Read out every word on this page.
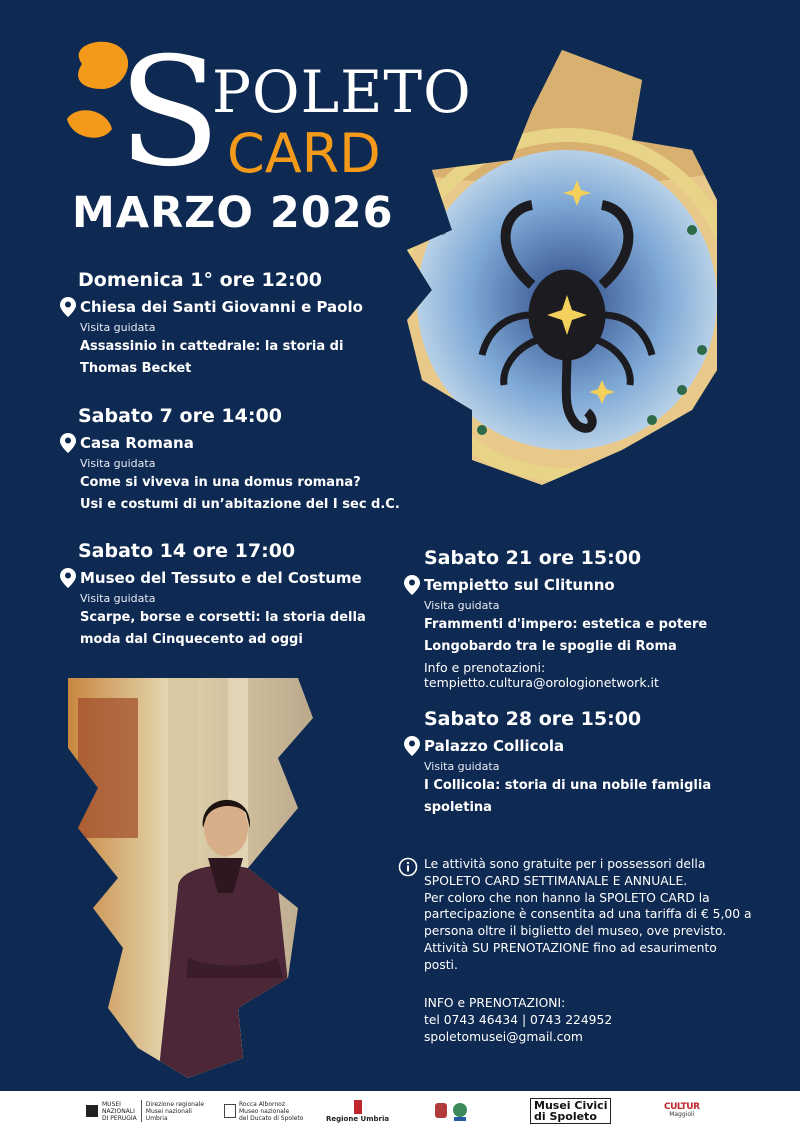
S
POLETO
CARD
MARZO 2026
Domenica 1° ore 12:00
Chiesa dei Santi Giovanni e Paolo
Visita guidata
Assassinio in cattedrale: la storia di
Thomas Becket
Sabato 7 ore 14:00
Casa Romana
Visita guidata
Come si viveva in una domus romana?
Usi e costumi di un’abitazione del I sec d.C.
Sabato 14 ore 17:00
Museo del Tessuto e del Costume
Visita guidata
Scarpe, borse e corsetti: la storia della
moda dal Cinquecento ad oggi
Sabato 21 ore 15:00
Tempietto sul Clitunno
Visita guidata
Frammenti d'impero: estetica e potere
Longobardo tra le spoglie di Roma
Info e prenotazioni: tempietto.cultura@orologionetwork.it
Sabato 28 ore 15:00
Palazzo Collicola
Visita guidata
I Collicola: storia di una nobile famiglia
spoletina
Le attività sono gratuite per i possessori della
SPOLETO CARD SETTIMANALE E ANNUALE.
Per coloro che non hanno la SPOLETO CARD la
partecipazione è consentita ad una tariffa di € 5,00 a
persona oltre il biglietto del museo, ove previsto.
Attività SU PRENOTAZIONE fino ad esaurimento
posti.
INFO e PRENOTAZIONI:
tel 0743 46434 | 0743 224952
spoletomusei@gmail.com
MUSEI
NAZIONALI
DI PERUGIA
Direzione regionale
Musei nazionali
Umbria
Rocca Albornoz
Museo nazionale
del Ducato di Spoleto	Regione Umbria
Musei Civici
di Spoleto
CULTUR
Maggioli
